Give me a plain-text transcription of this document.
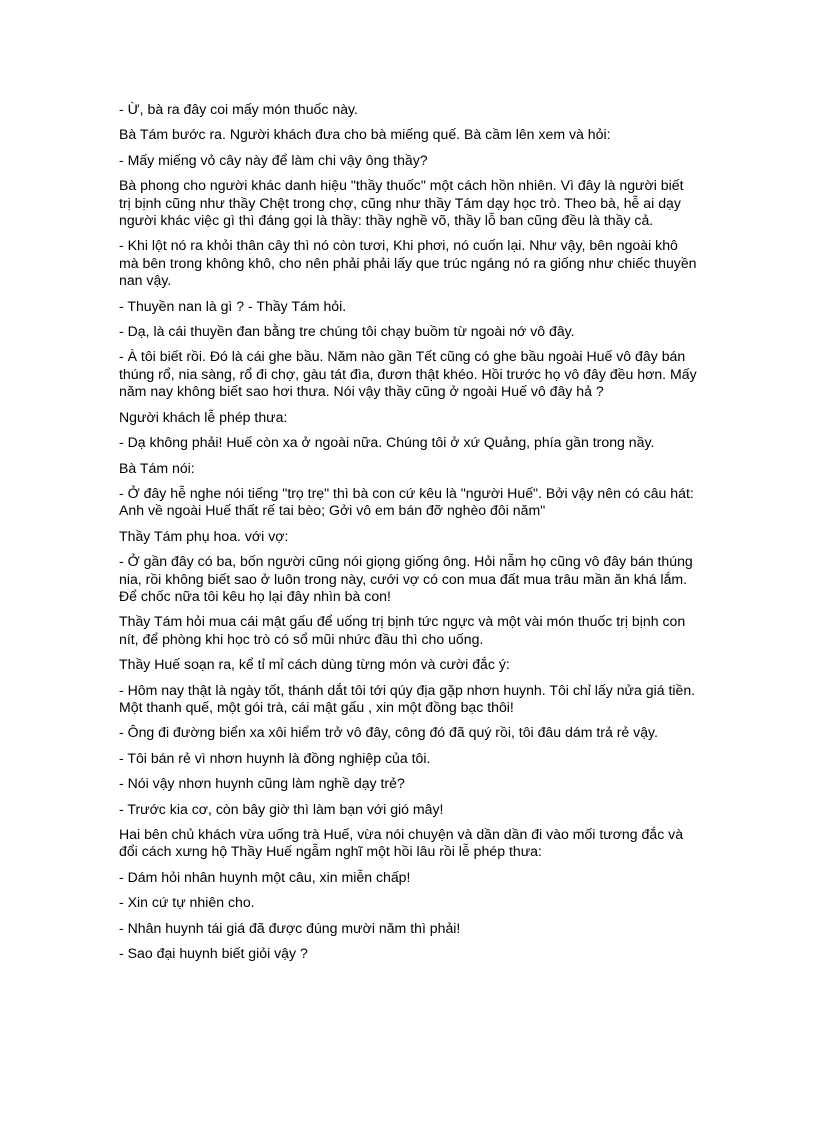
- Ừ, bà ra đây coi mấy món thuốc này.

Bà Tám bước ra. Người khách đưa cho bà miếng quế. Bà cầm lên xem và hỏi:

- Mấy miếng vỏ cây này để làm chi vậy ông thầy?

Bà phong cho người khác danh hiệu "thầy thuốc" một cách hồn nhiên. Vì đây là người biết trị bịnh cũng như thầy Chệt trong chợ, cũng như thầy Tám dạy học trò. Theo bà, hễ ai dạy người khác việc gì thì đáng gọi là thầy: thầy nghề võ, thầy lỗ ban cũng đều là thầy cả.

- Khi lột nó ra khỏi thân cây thì nó còn tươi, Khi phơi, nó cuốn lại. Như vậy, bên ngoài khô mà bên trong không khô, cho nên phải phải lấy que trúc ngáng nó ra giống như chiếc thuyền nan vậy.

- Thuyền nan là gì ? - Thầy Tám hỏi.

- Dạ, là cái thuyền đan bằng tre chúng tôi chạy buồm từ ngoài nớ vô đây.

- À tôi biết rồi. Đó là cái ghe bầu. Năm nào gần Tết cũng có ghe bầu ngoài Huế vô đây bán thúng rổ, nia sàng, rổ đi chợ, gàu tát đìa, đươn thật khéo. Hồi trước họ vô đây đều hơn. Mấy năm nay không biết sao hơi thưa. Nói vậy thầy cũng ở ngoài Huế vô đây hả ?

Người khách lễ phép thưa:

- Dạ không phải! Huế còn xa ở ngoài nữa. Chúng tôi ở xứ Quảng, phía gần trong nầy.

Bà Tám nói:

- Ở đây hễ nghe nói tiếng "trọ trẹ" thì bà con cứ kêu là "người Huế". Bởi vậy nên có câu hát: Anh về ngoài Huế thất rế tai bèo; Gởi vô em bán đỡ nghèo đôi năm"

Thầy Tám phụ hoa. với vợ:

- Ở gần đây có ba, bốn người cũng nói giọng giống ông. Hỏi nẫm họ cũng vô đây bán thúng nia, rồi không biết sao ở luôn trong này, cưới vợ có con mua đất mua trâu mần ăn khá lắm. Để chốc nữa tôi kêu họ lại đây nhìn bà con!

Thầy Tám hỏi mua cái mật gấu để uống trị bịnh tức ngực và một vài món thuốc trị bịnh con nít, để phòng khi học trò có sổ mũi nhức đầu thì cho uống.

Thầy Huế soạn ra, kể tỉ mỉ cách dùng từng món và cười đắc ý:

- Hôm nay thật là ngày tốt, thánh dắt tôi tới qúy địa gặp nhơn huynh. Tôi chỉ lấy nửa giá tiền. Một thanh quế, một gói trà, cái mật gấu , xin một đồng bạc thôi!

- Ông đi đường biển xa xôi hiểm trở vô đây, công đó đã quý rồi, tôi đâu dám trả rẻ vậy.

- Tôi bán rẻ vì nhơn huynh là đồng nghiệp của tôi.

- Nói vậy nhơn huynh cũng làm nghề dạy trẻ?

- Trước kia cơ, còn bây giờ thì làm bạn với gió mây!

Hai bên chủ khách vừa uống trà Huế, vừa nói chuyện và dần dần đi vào mối tương đắc và đổi cách xưng hộ Thầy Huế ngẫm nghĩ một hồi lâu rồi lễ phép thưa:

- Dám hỏi nhân huynh một câu, xin miễn chấp!

- Xin cứ tự nhiên cho.

- Nhân huynh tái giá đã được đúng mười năm thì phải!

- Sao đại huynh biết giỏi vậy ?
